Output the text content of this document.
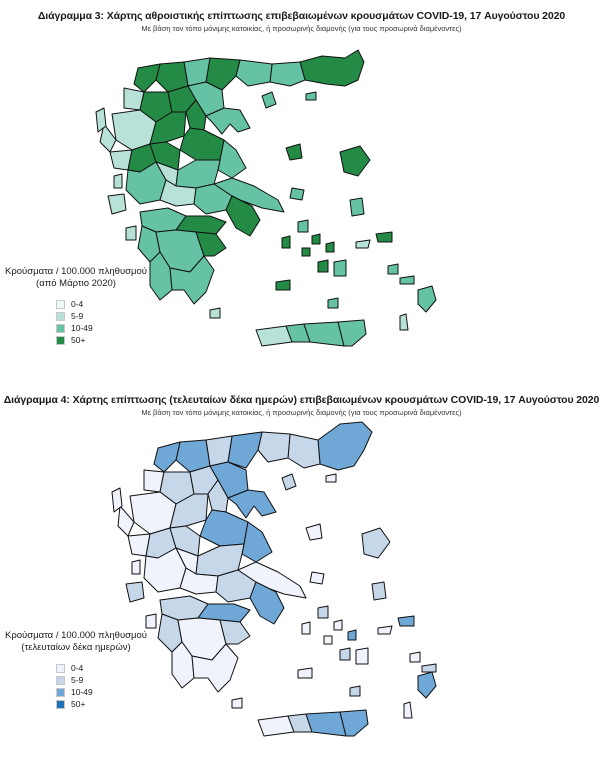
Διάγραμμα 3: Χάρτης αθροιστικής επίπτωσης επιβεβαιωμένων κρουσμάτων COVID-19, 17 Αυγούστου 2020
Με βάση τον τόπο μόνιμης κατοικίας, ή προσωρινής διαμονής (για τους προσωρινά διαμένοντες)
Κρούσματα / 100.000 πληθυσμού
(από Μάρτιο 2020)
0-4
5-9
10-49
50+
Διάγραμμα 4: Χάρτης επίπτωσης (τελευταίων δέκα ημερών) επιβεβαιωμένων κρουσμάτων COVID-19, 17 Αυγούστου 2020
Με βάση τον τόπο μόνιμης κατοικίας, ή προσωρινής διαμονής (για τους προσωρινά διαμένοντες)
Κρούσματα / 100.000 πληθυσμού
(τελευταίων δέκα ημερών)
0-4
5-9
10-49
50+
